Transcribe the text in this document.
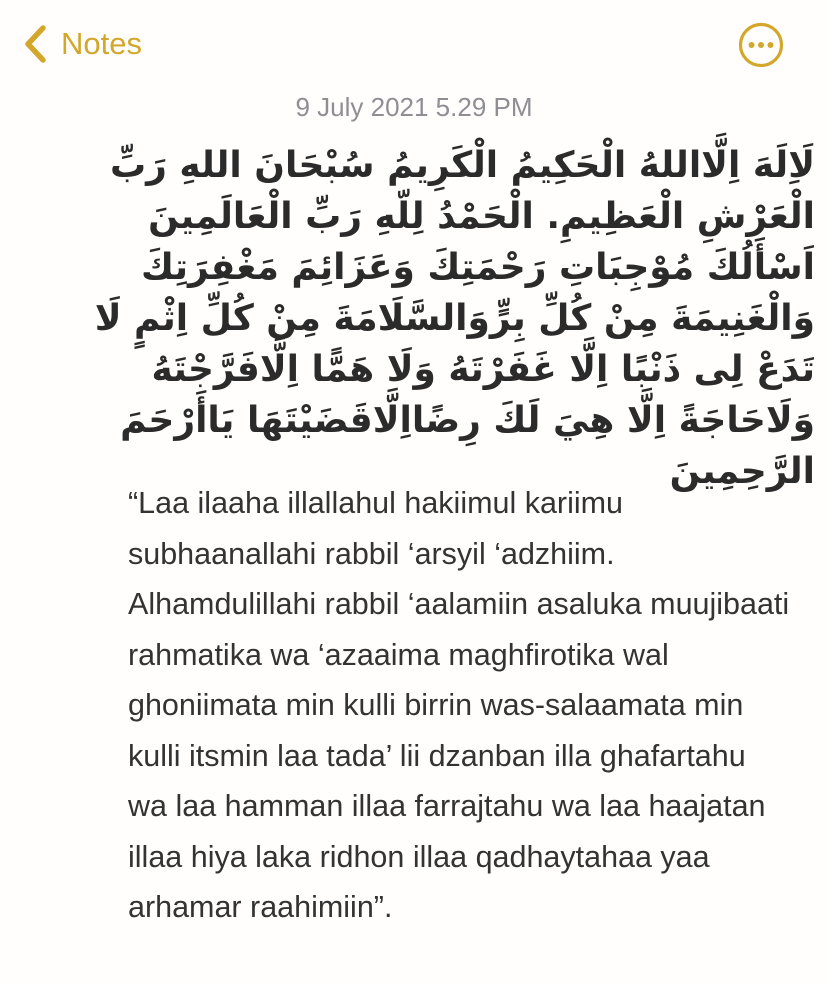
Notes
9 July 2021 5.29 PM
لَاِلَهَ اِلَّااللهُ الْحَكِيمُ الْكَرِيمُ سُبْحَانَ اللهِ رَبِّ الْعَرْشِ الْعَظِيمِ. الْحَمْدُ لِلّهِ رَبِّ الْعَالَمِينَ اَسْأَلُكَ مُوْجِبَاتِ رَحْمَتِكَ وَعَزَائِمَ مَغْفِرَتِكَ وَالْغَنِيمَةَ مِنْ كُلِّ بِرٍّوَالسَّلَامَةَ مِنْ كُلِّ اِثْمٍ لَا تَدَعْ لِى ذَنْبًا اِلَّا غَفَرْتَهُ وَلَا هَمًّا اِلَّافَرَّجْتَهُ وَلَاحَاجَةً اِلَّا هِيَ لَكَ رِضًااِلَّاقَضَيْتَهَا يَاأَرْحَمَ الرَّحِمِينَ
“Laa ilaaha illallahul hakiimul kariimu subhaanallahi rabbil ‘arsyil ‘adzhiim. Alhamdulillahi rabbil ‘aalamiin asaluka muujibaati rahmatika wa ‘azaaima maghfirotika wal ghoniimata min kulli birrin was-salaamata min kulli itsmin laa tada’ lii dzanban illa ghafartahu wa laa hamman illaa farrajtahu wa laa haajatan illaa hiya laka ridhon illaa qadhaytahaa yaa arhamar raahimiin”.
